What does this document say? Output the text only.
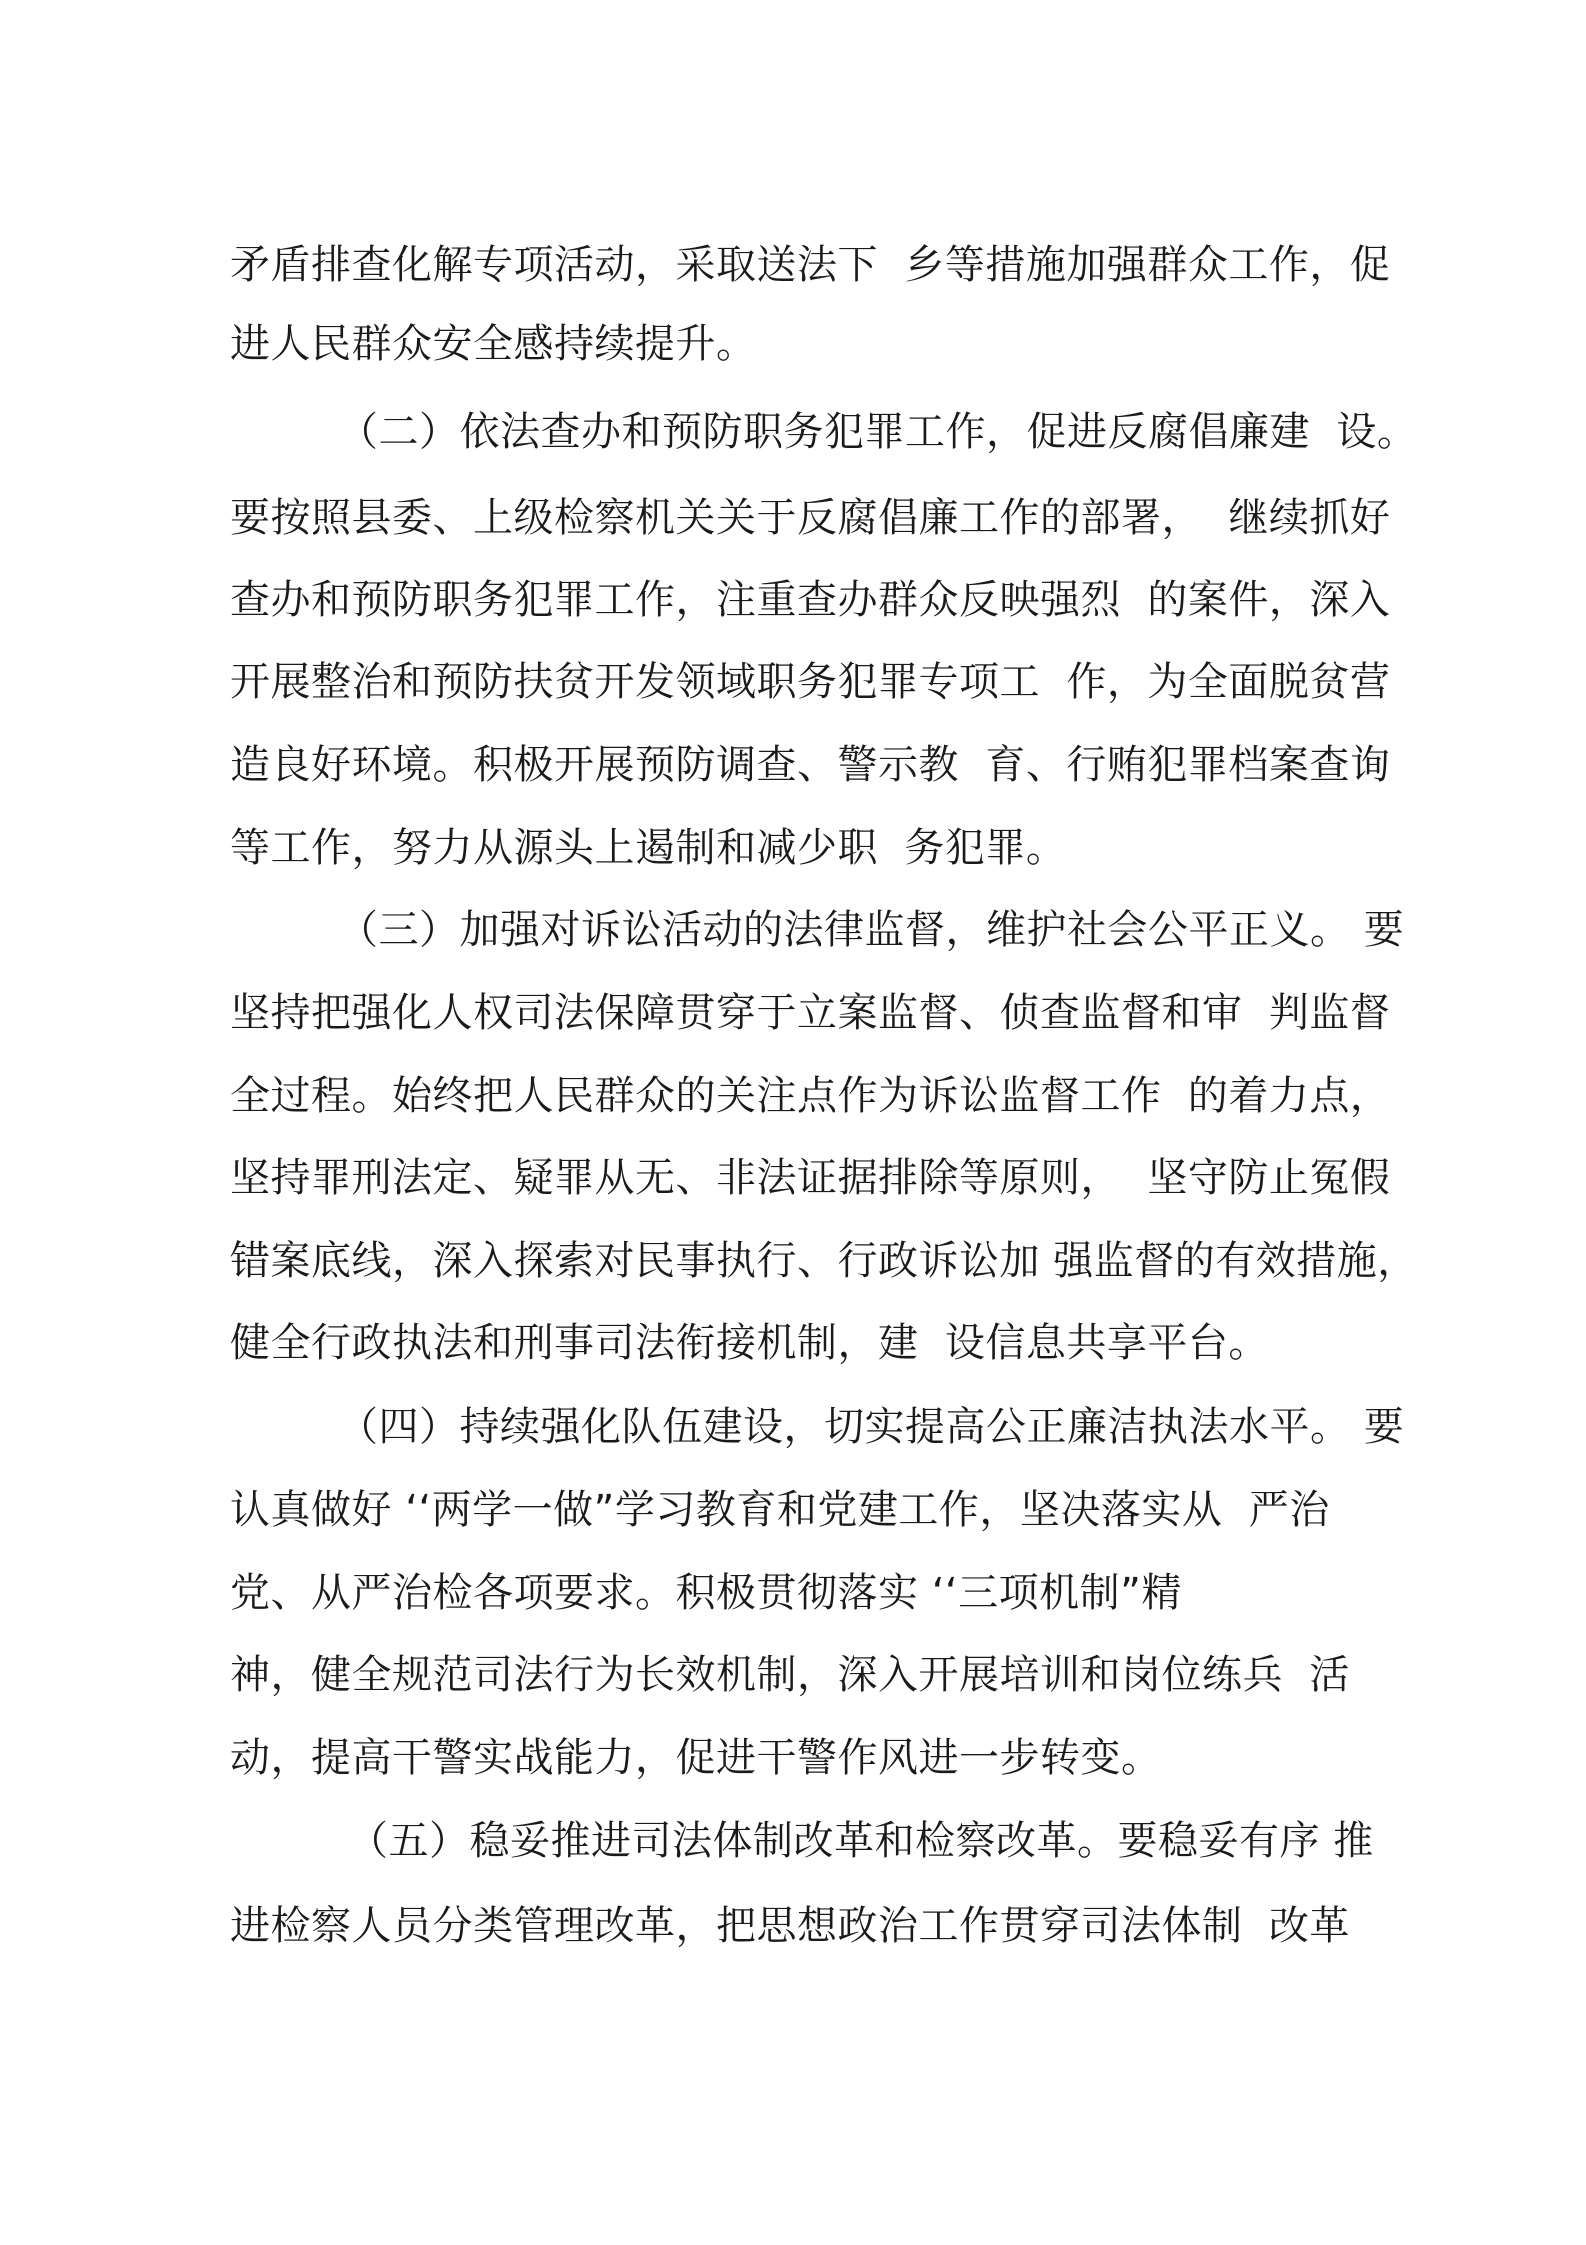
矛盾排查化解专项活动，采取送法下  乡等措施加强群众工作，促
进人民群众安全感持续提升。
（二）依法查办和预防职务犯罪工作，促进反腐倡廉建  设。
要按照县委、上级检察机关关于反腐倡廉工作的部署，  继续抓好
查办和预防职务犯罪工作，注重查办群众反映强烈  的案件，深入
开展整治和预防扶贫开发领域职务犯罪专项工  作，为全面脱贫营
造良好环境。积极开展预防调查、警示教  育、行贿犯罪档案查询
等工作，努力从源头上遏制和减少职  务犯罪。
（三）加强对诉讼活动的法律监督，维护社会公平正义。 要
坚持把强化人权司法保障贯穿于立案监督、侦查监督和审  判监督
全过程。始终把人民群众的关注点作为诉讼监督工作  的着力点，
坚持罪刑法定、疑罪从无、非法证据排除等原则，  坚守防止冤假
错案底线，深入探索对民事执行、行政诉讼加 强监督的有效措施，
健全行政执法和刑事司法衔接机制，建  设信息共享平台。
（四）持续强化队伍建设，切实提高公正廉洁执法水平。 要
认真做好 ‘‘两学一做”学习教育和党建工作，坚决落实从  严治
党、从严治检各项要求。积极贯彻落实 ‘‘三项机制”精
神，健全规范司法行为长效机制，深入开展培训和岗位练兵  活
动，提高干警实战能力，促进干警作风进一步转变。
（五）稳妥推进司法体制改革和检察改革。要稳妥有序 推
进检察人员分类管理改革，把思想政治工作贯穿司法体制  改革
